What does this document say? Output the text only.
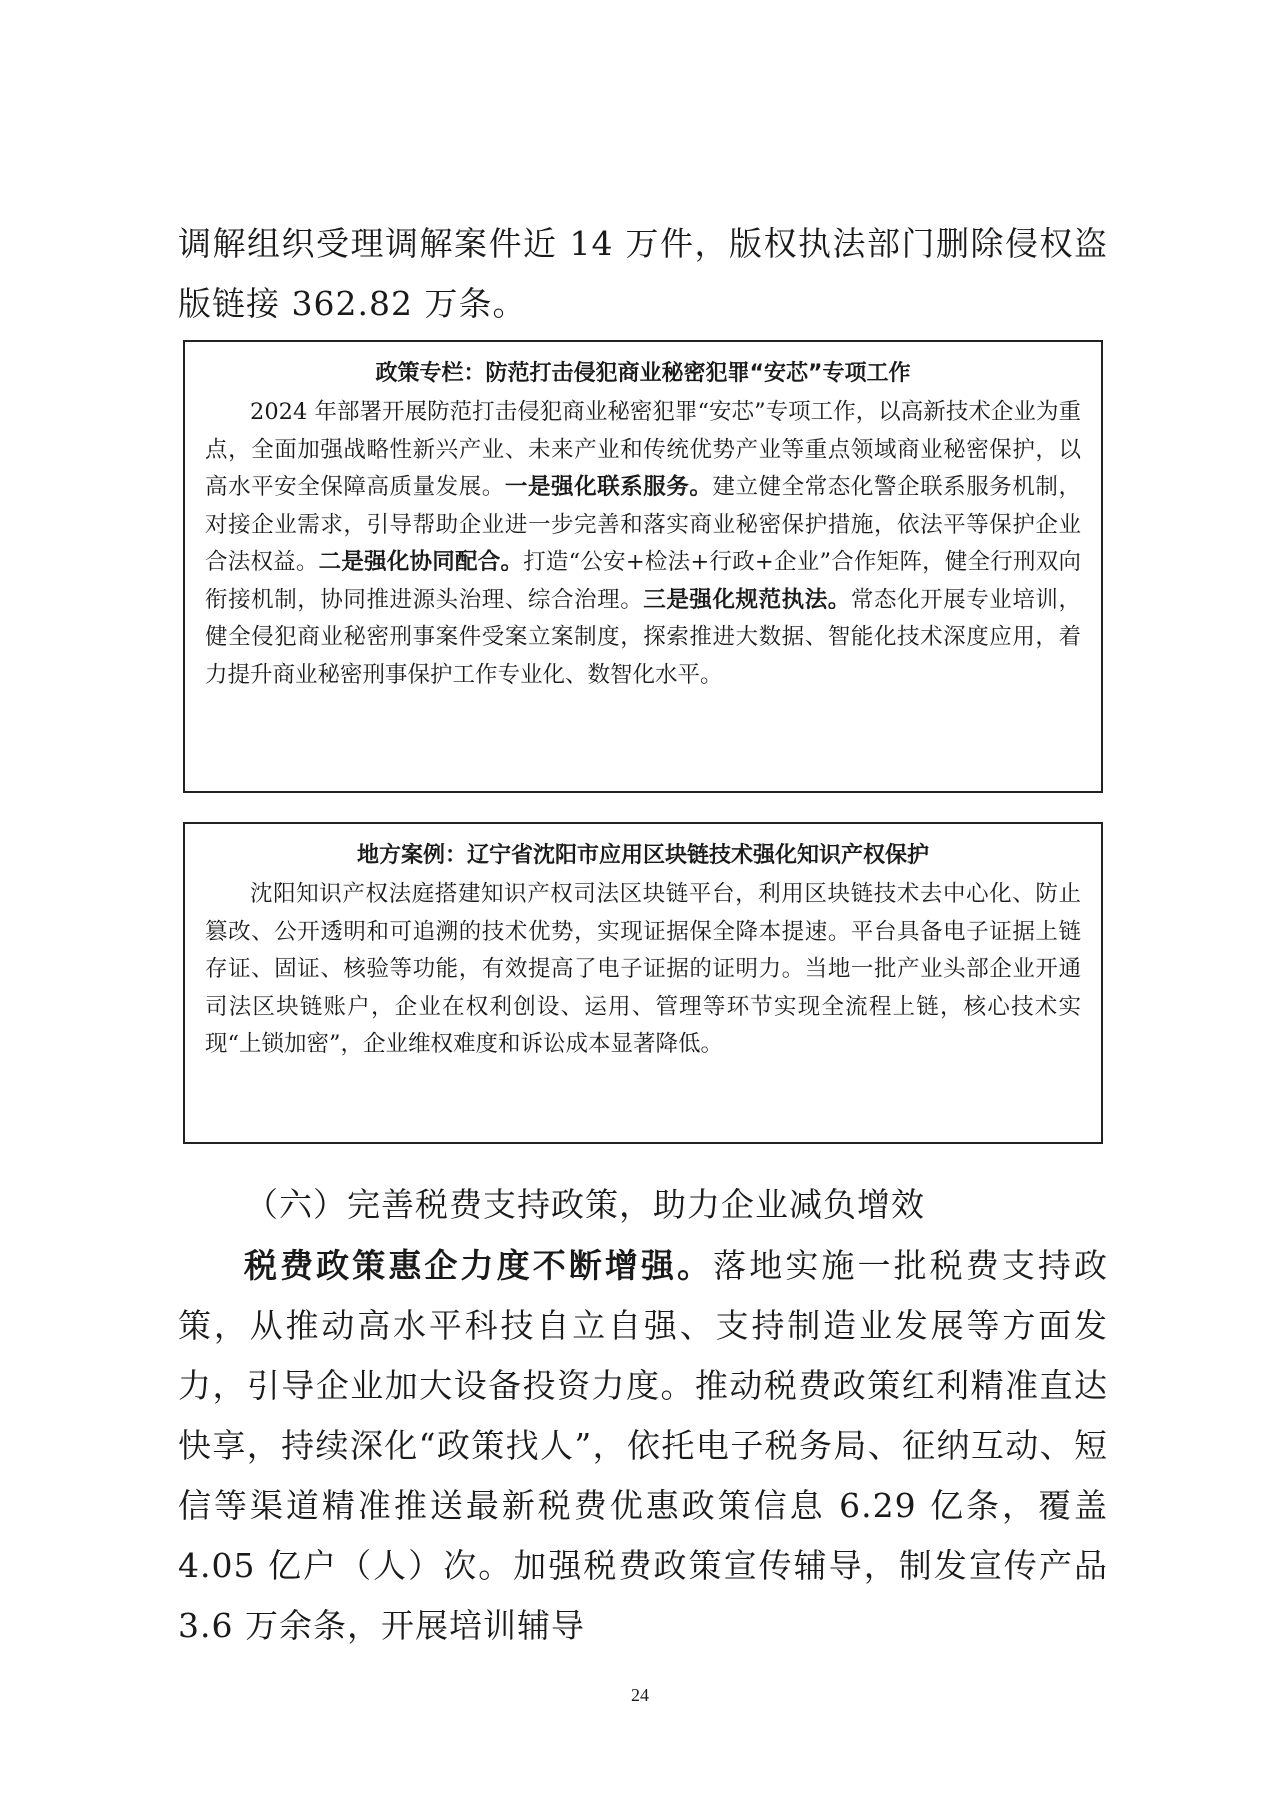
调解组织受理调解案件近 14 万件，版权执法部门删除侵权盗版链接 362.82 万条。

政策专栏：防范打击侵犯商业秘密犯罪“安芯”专项工作

2024 年部署开展防范打击侵犯商业秘密犯罪“安芯”专项工作，以高新技术企业为重点，全面加强战略性新兴产业、未来产业和传统优势产业等重点领域商业秘密保护，以高水平安全保障高质量发展。一是强化联系服务。建立健全常态化警企联系服务机制，对接企业需求，引导帮助企业进一步完善和落实商业秘密保护措施，依法平等保护企业合法权益。二是强化协同配合。打造“公安+检法+行政+企业”合作矩阵，健全行刑双向衔接机制，协同推进源头治理、综合治理。三是强化规范执法。常态化开展专业培训，健全侵犯商业秘密刑事案件受案立案制度，探索推进大数据、智能化技术深度应用，着力提升商业秘密刑事保护工作专业化、数智化水平。

地方案例：辽宁省沈阳市应用区块链技术强化知识产权保护

沈阳知识产权法庭搭建知识产权司法区块链平台，利用区块链技术去中心化、防止篡改、公开透明和可追溯的技术优势，实现证据保全降本提速。平台具备电子证据上链存证、固证、核验等功能，有效提高了电子证据的证明力。当地一批产业头部企业开通司法区块链账户，企业在权利创设、运用、管理等环节实现全流程上链，核心技术实现“上锁加密”，企业维权难度和诉讼成本显著降低。

（六）完善税费支持政策，助力企业减负增效

税费政策惠企力度不断增强。落地实施一批税费支持政策，从推动高水平科技自立自强、支持制造业发展等方面发力，引导企业加大设备投资力度。推动税费政策红利精准直达快享，持续深化“政策找人”，依托电子税务局、征纳互动、短信等渠道精准推送最新税费优惠政策信息 6.29 亿条，覆盖 4.05 亿户（人）次。加强税费政策宣传辅导，制发宣传产品 3.6 万余条，开展培训辅导

24
